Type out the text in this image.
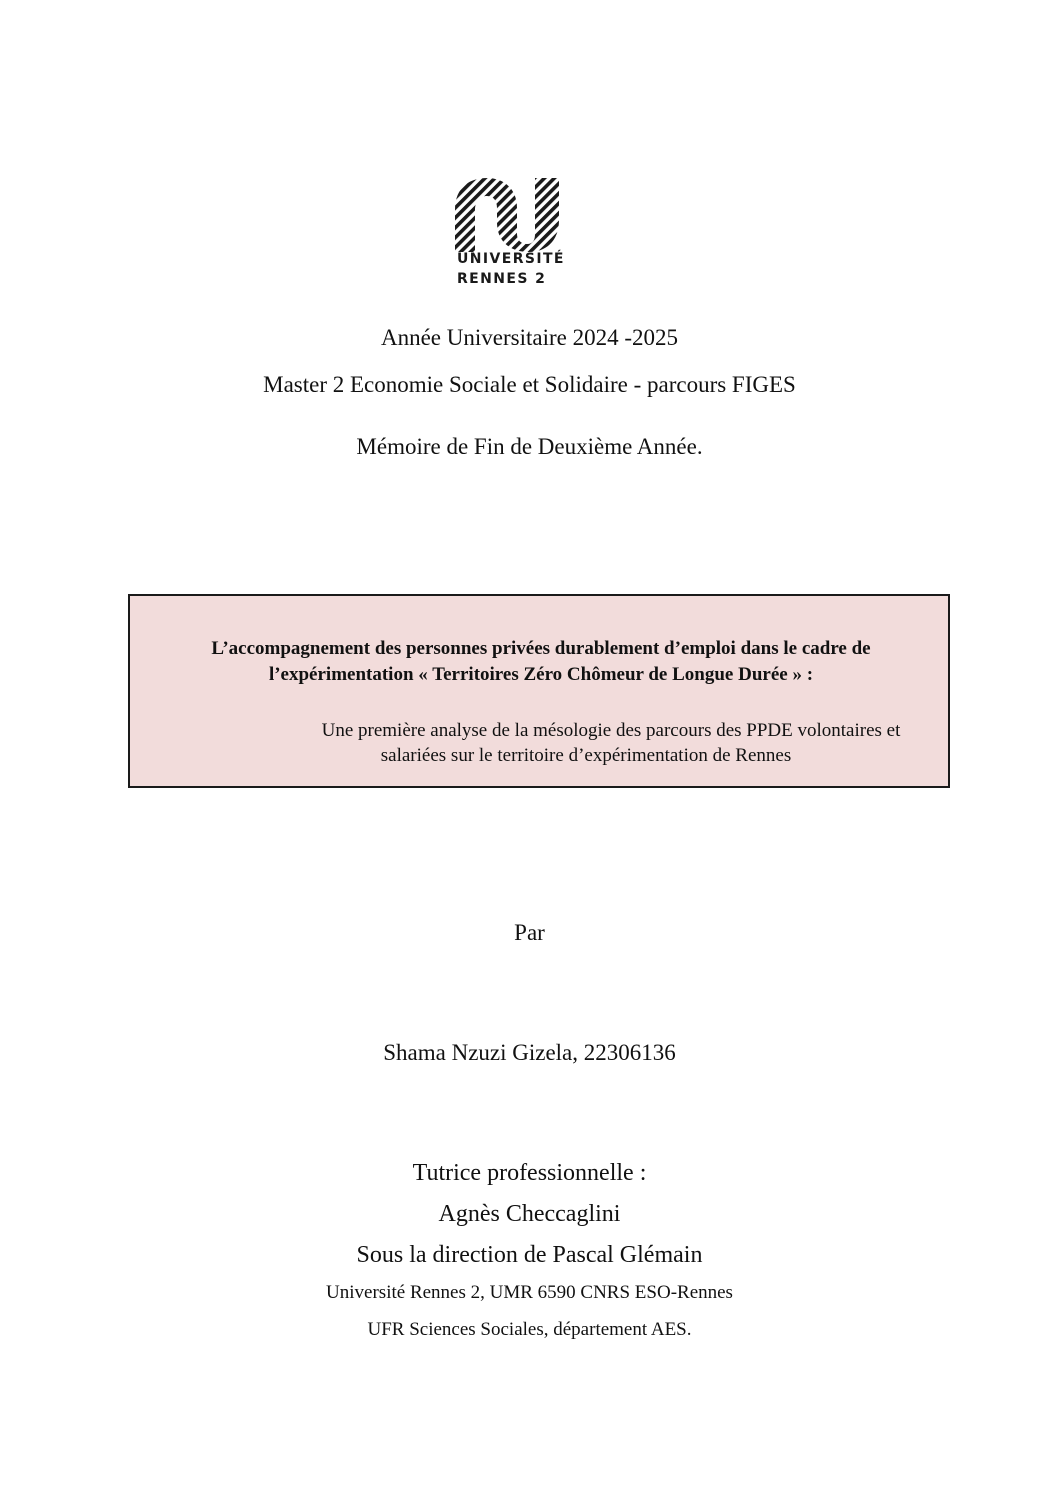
UNIVERSITÉ
RENNES 2
Année Universitaire 2024 -2025
Master 2 Economie Sociale et Solidaire - parcours FIGES
Mémoire de Fin de Deuxième Année.
L’accompagnement des personnes privées durablement d’emploi dans le cadre de
l’expérimentation « Territoires Zéro Chômeur de Longue Durée » :
Une première analyse de la mésologie des parcours des PPDE volontaires et
salariées sur le territoire d’expérimentation de Rennes
Par
Shama Nzuzi Gizela, 22306136
Tutrice professionnelle :
Agnès Checcaglini
Sous la direction de Pascal Glémain
Université Rennes 2, UMR 6590 CNRS ESO-Rennes
UFR Sciences Sociales, département AES.
